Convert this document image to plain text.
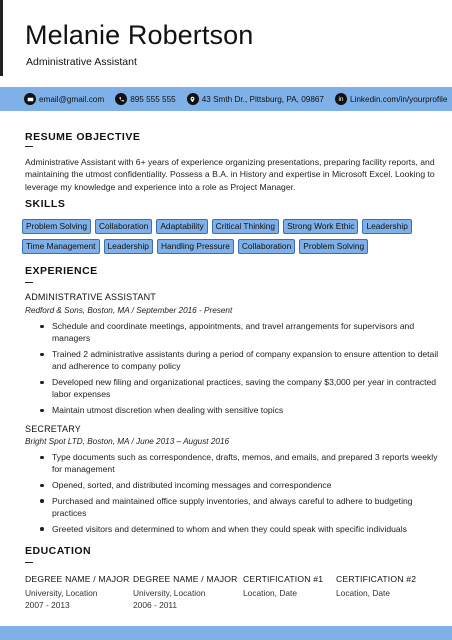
Melanie Robertson
Administrative Assistant
email@gmail.com	895 555 555	43 Smth Dr., Pittsburg, PA, 09867	in Linkedin.com/in/yourprofile
RESUME OBJECTIVE
Administrative Assistant with 6+ years of experience organizing presentations, preparing facility reports, and maintaining the utmost confidentiality. Possess a B.A. in History and expertise in Microsoft Excel. Looking to leverage my knowledge and experience into a role as Project Manager.
SKILLS
Problem Solving	Collaboration	Adaptability	Critical Thinking	Strong Work Ethic	Leadership
Time Management	Leadership	Handling Pressure	Collaboration	Problem Solving
EXPERIENCE
ADMINISTRATIVE ASSISTANT
Redford & Sons, Boston, MA / September 2016 - Present
Schedule and coordinate meetings, appointments, and travel arrangements for supervisors and managers
Trained 2 administrative assistants during a period of company expansion to ensure attention to detail and adherence to company policy
Developed new filing and organizational practices, saving the company $3,000 per year in contracted labor expenses
Maintain utmost discretion when dealing with sensitive topics
SECRETARY
Bright Spot LTD, Boston, MA / June 2013 – August 2016
Type documents such as correspondence, drafts, memos, and emails, and prepared 3 reports weekly for management
Opened, sorted, and distributed incoming messages and correspondence
Purchased and maintained office supply inventories, and always careful to adhere to budgeting practices
Greeted visitors and determined to whom and when they could speak with specific individuals
EDUCATION
DEGREE NAME / MAJOR
University, Location
2007 - 2013
DEGREE NAME / MAJOR
University, Location
2006 - 2011
CERTIFICATION #1
Location, Date
CERTIFICATION #2
Location, Date
